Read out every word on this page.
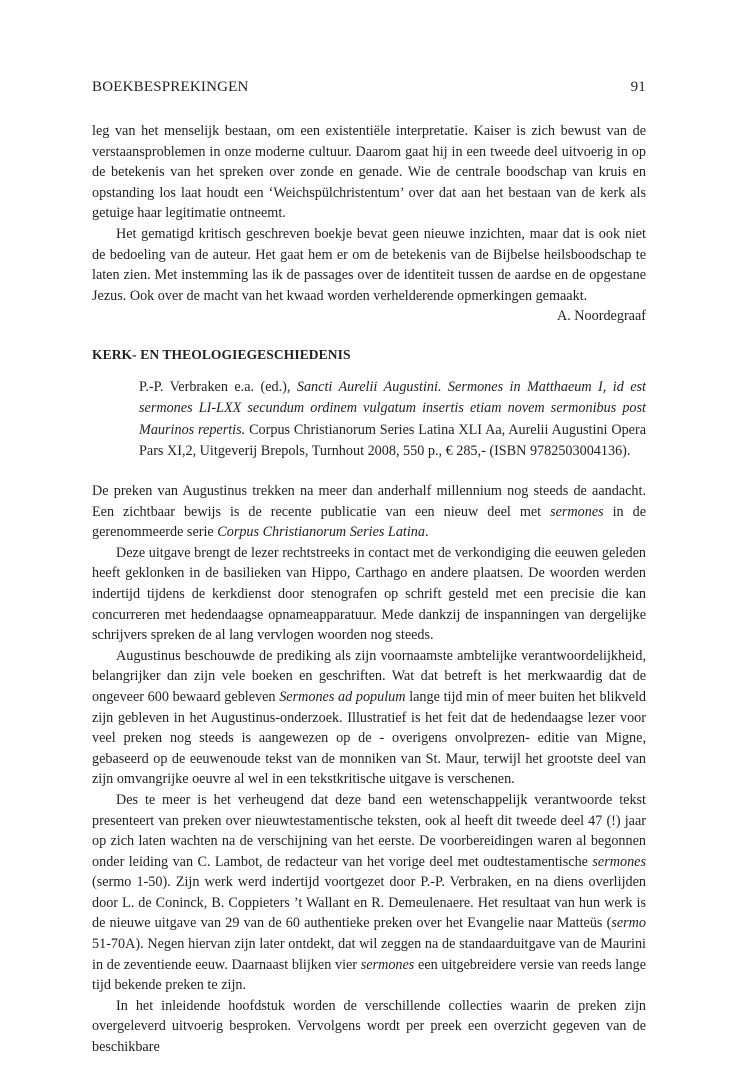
BOEKBESPREKINGEN	91

leg van het menselijk bestaan, om een existentiële interpretatie. Kaiser is zich bewust van de verstaansproblemen in onze moderne cultuur. Daarom gaat hij in een tweede deel uitvoerig in op de betekenis van het spreken over zonde en genade. Wie de centrale boodschap van kruis en opstanding los laat houdt een ‘Weichspülchristentum’ over dat aan het bestaan van de kerk als getuige haar legitimatie ontneemt.

Het gematigd kritisch geschreven boekje bevat geen nieuwe inzichten, maar dat is ook niet de bedoeling van de auteur. Het gaat hem er om de betekenis van de Bijbelse heilsboodschap te laten zien. Met instemming las ik de passages over de identiteit tussen de aardse en de opgestane Jezus. Ook over de macht van het kwaad worden verhelderende opmerkingen gemaakt.

A. Noordegraaf

KERK- EN THEOLOGIEGESCHIEDENIS

P.-P. Verbraken e.a. (ed.), Sancti Aurelii Augustini. Sermones in Matthaeum I, id est sermones LI-LXX secundum ordinem vulgatum insertis etiam novem sermonibus post Maurinos repertis. Corpus Christianorum Series Latina XLI Aa, Aurelii Augustini Opera Pars XI,2, Uitgeverij Brepols, Turnhout 2008, 550 p., € 285,- (ISBN 9782503004136).

De preken van Augustinus trekken na meer dan anderhalf millennium nog steeds de aandacht. Een zichtbaar bewijs is de recente publicatie van een nieuw deel met sermones in de gerenommeerde serie Corpus Christianorum Series Latina.

Deze uitgave brengt de lezer rechtstreeks in contact met de verkondiging die eeuwen geleden heeft geklonken in de basilieken van Hippo, Carthago en andere plaatsen. De woorden werden indertijd tijdens de kerkdienst door stenografen op schrift gesteld met een precisie die kan concurreren met hedendaagse opnameapparatuur. Mede dankzij de inspanningen van dergelijke schrijvers spreken de al lang vervlogen woorden nog steeds.

Augustinus beschouwde de prediking als zijn voornaamste ambtelijke verantwoordelijkheid, belangrijker dan zijn vele boeken en geschriften. Wat dat betreft is het merkwaardig dat de ongeveer 600 bewaard gebleven Sermones ad populum lange tijd min of meer buiten het blikveld zijn gebleven in het Augustinus-onderzoek. Illustratief is het feit dat de hedendaagse lezer voor veel preken nog steeds is aangewezen op de - overigens onvolprezen- editie van Migne, gebaseerd op de eeuwenoude tekst van de monniken van St. Maur, terwijl het grootste deel van zijn omvangrijke oeuvre al wel in een tekstkritische uitgave is verschenen.

Des te meer is het verheugend dat deze band een wetenschappelijk verantwoorde tekst presenteert van preken over nieuwtestamentische teksten, ook al heeft dit tweede deel 47 (!) jaar op zich laten wachten na de verschijning van het eerste. De voorbereidingen waren al begonnen onder leiding van C. Lambot, de redacteur van het vorige deel met oudtestamentische sermones (sermo 1-50). Zijn werk werd indertijd voortgezet door P.-P. Verbraken, en na diens overlijden door L. de Coninck, B. Coppieters ’t Wallant en R. Demeulenaere. Het resultaat van hun werk is de nieuwe uitgave van 29 van de 60 authentieke preken over het Evangelie naar Matteüs (sermo 51-70A). Negen hiervan zijn later ontdekt, dat wil zeggen na de standaarduitgave van de Maurini in de zeventiende eeuw. Daarnaast blijken vier sermones een uitgebreidere versie van reeds lange tijd bekende preken te zijn.

In het inleidende hoofdstuk worden de verschillende collecties waarin de preken zijn overgeleverd uitvoerig besproken. Vervolgens wordt per preek een overzicht gegeven van de beschikbare
